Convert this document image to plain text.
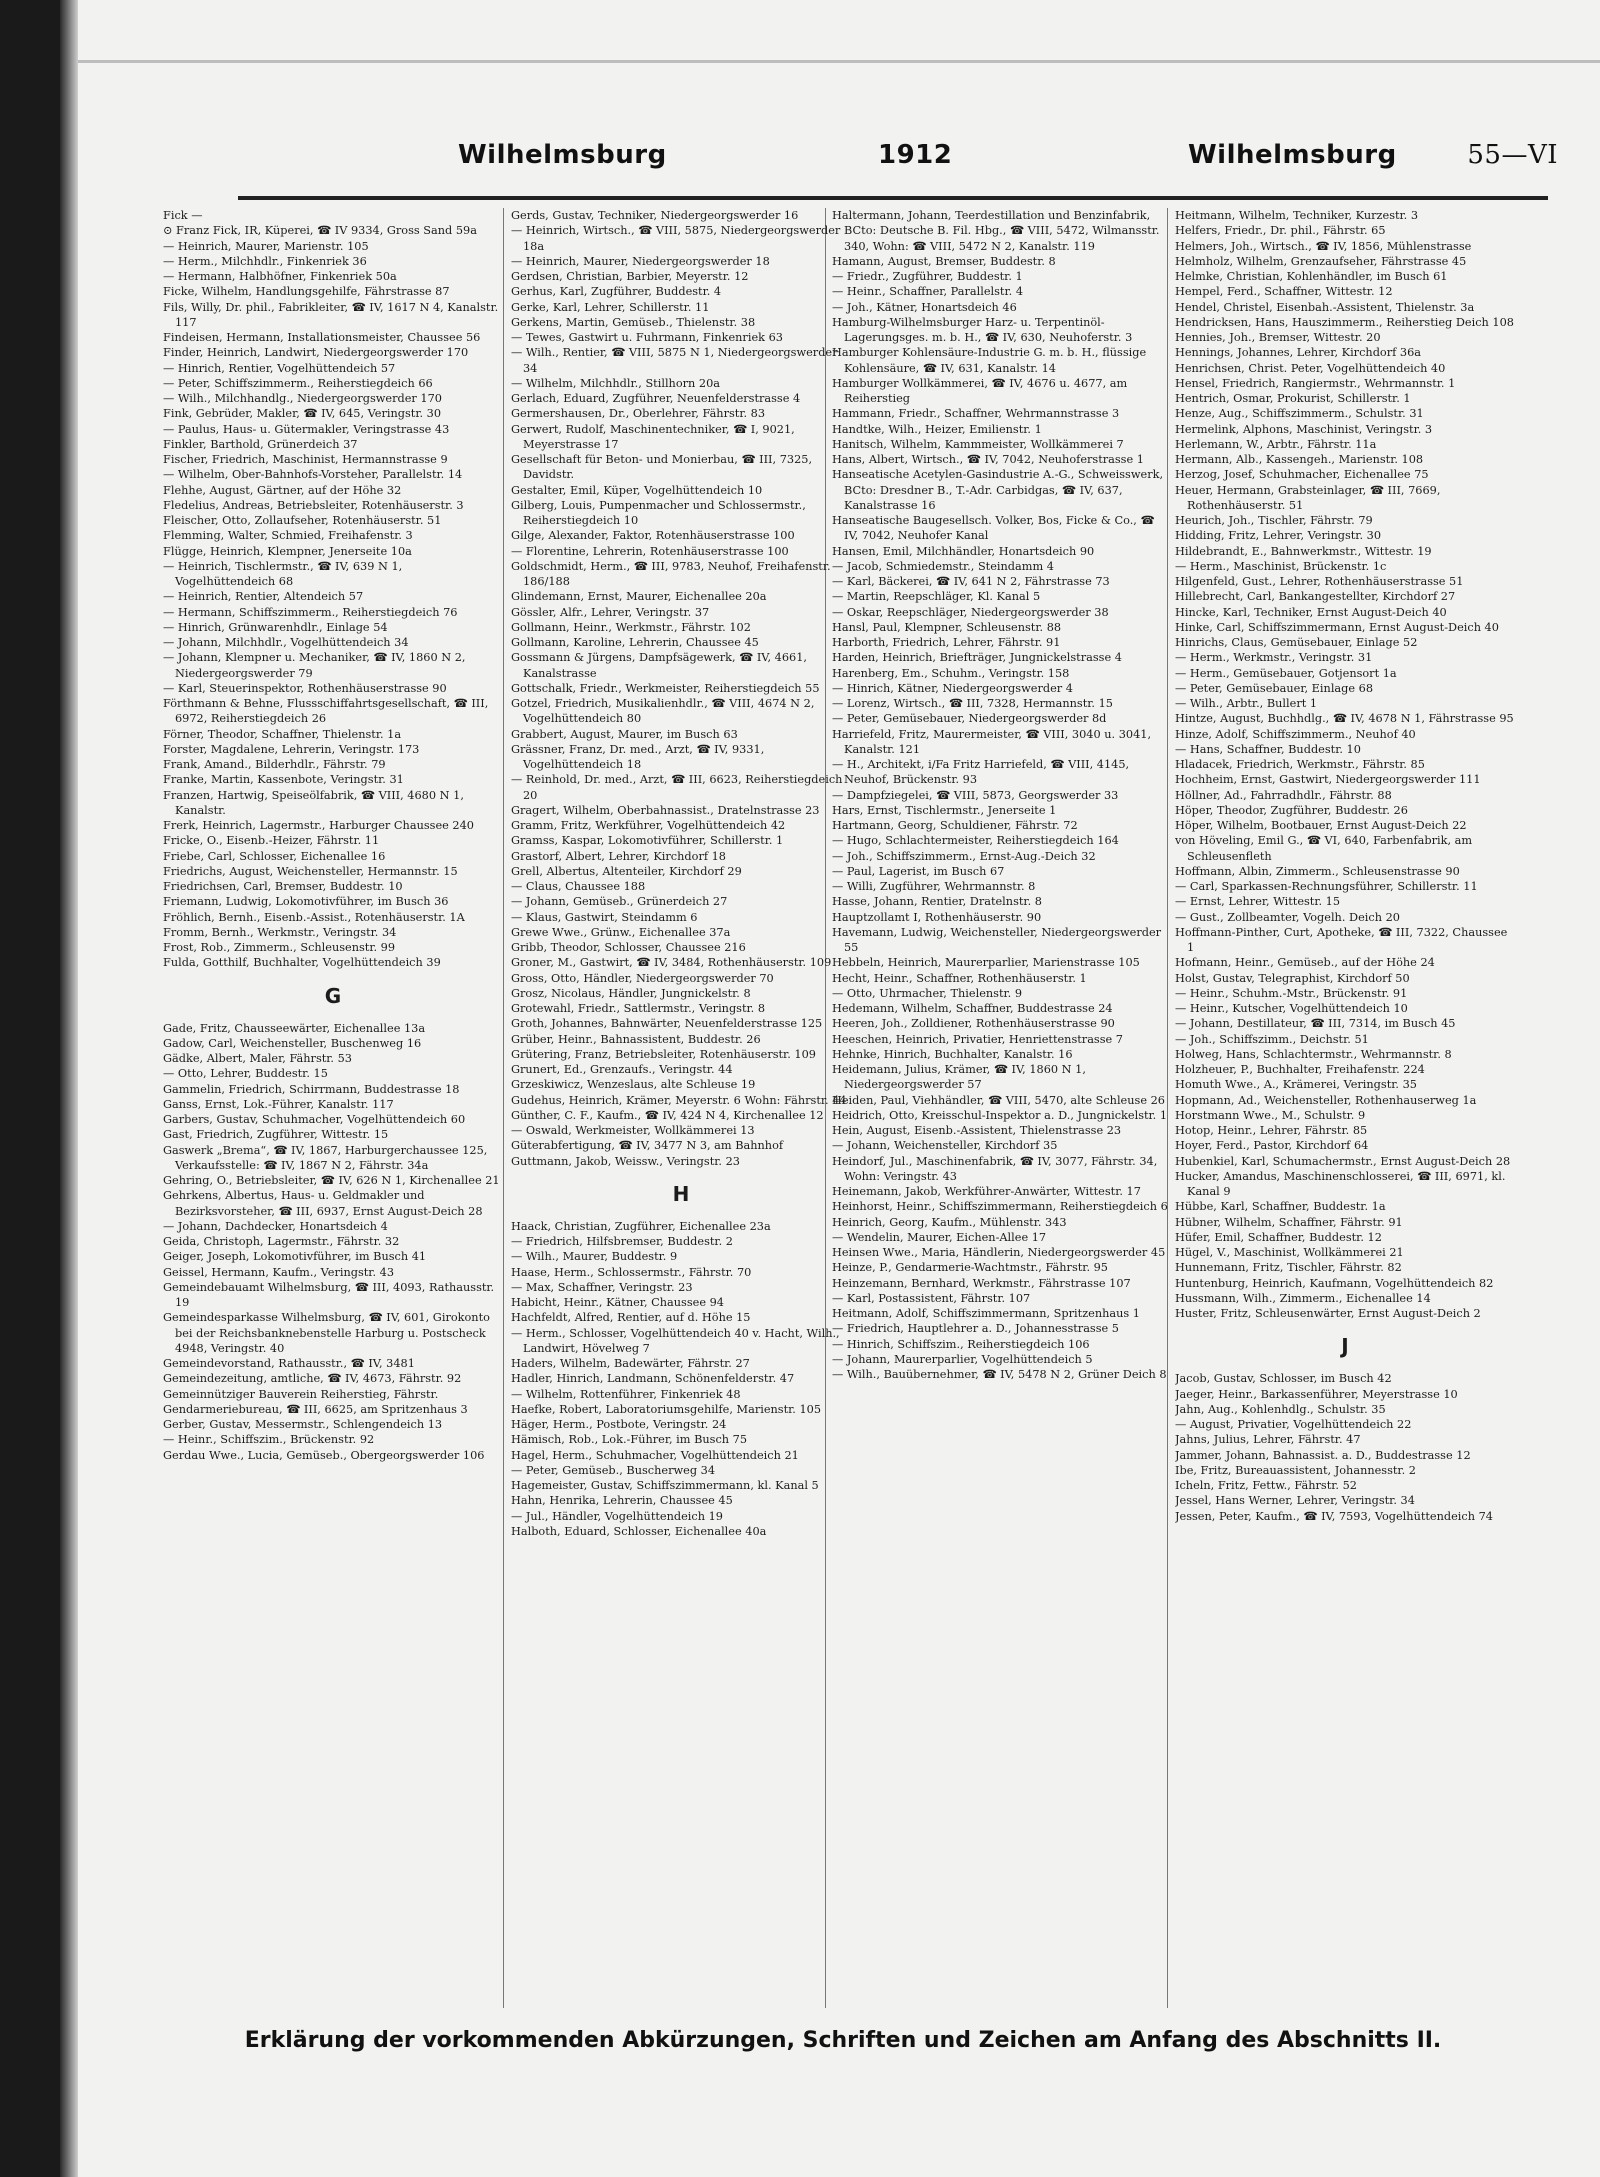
Wilhelmsburg	1912	Wilhelmsburg	55—VI
Fick —
⊙ Franz Fick, IR, Küperei, ☎ IV 9334, Gross Sand 59a
— Heinrich, Maurer, Marienstr. 105
— Herm., Milchhdlr., Finkenriek 36
— Hermann, Halbhöfner, Finkenriek 50a
Ficke, Wilhelm, Handlungsgehilfe, Fährstrasse 87
Fils, Willy, Dr. phil., Fabrikleiter, ☎ IV, 1617 N 4, Kanalstr. 117
Findeisen, Hermann, Installationsmeister, Chaussee 56
Finder, Heinrich, Landwirt, Niedergeorgswerder 170
— Hinrich, Rentier, Vogelhüttendeich 57
— Peter, Schiffszimmerm., Reiherstiegdeich 66
— Wilh., Milchhandlg., Niedergeorgswerder 170
Fink, Gebrüder, Makler, ☎ IV, 645, Veringstr. 30
— Paulus, Haus- u. Gütermakler, Veringstrasse 43
Finkler, Barthold, Grünerdeich 37
Fischer, Friedrich, Maschinist, Hermannstrasse 9
— Wilhelm, Ober-Bahnhofs-Vorsteher, Parallelstr. 14
Flehhe, August, Gärtner, auf der Höhe 32
Fledelius, Andreas, Betriebsleiter, Rotenhäuserstr. 3
Fleischer, Otto, Zollaufseher, Rotenhäuserstr. 51
Flemming, Walter, Schmied, Freihafenstr. 3
Flügge, Heinrich, Klempner, Jenerseite 10a
— Heinrich, Tischlermstr., ☎ IV, 639 N 1, Vogelhüttendeich 68
— Heinrich, Rentier, Altendeich 57
— Hermann, Schiffszimmerm., Reiherstiegdeich 76
— Hinrich, Grünwarenhdlr., Einlage 54
— Johann, Milchhdlr., Vogelhüttendeich 34
— Johann, Klempner u. Mechaniker, ☎ IV, 1860 N 2, Niedergeorgswerder 79
— Karl, Steuerinspektor, Rothenhäuserstrasse 90
Förthmann & Behne, Flussschiffahrtsgesellschaft, ☎ III, 6972, Reiherstiegdeich 26
Förner, Theodor, Schaffner, Thielenstr. 1a
Forster, Magdalene, Lehrerin, Veringstr. 173
Frank, Amand., Bilderhdlr., Fährstr. 79
Franke, Martin, Kassenbote, Veringstr. 31
Franzen, Hartwig, Speiseölfabrik, ☎ VIII, 4680 N 1, Kanalstr.
Frerk, Heinrich, Lagermstr., Harburger Chaussee 240
Fricke, O., Eisenb.-Heizer, Fährstr. 11
Friebe, Carl, Schlosser, Eichenallee 16
Friedrichs, August, Weichensteller, Hermannstr. 15
Friedrichsen, Carl, Bremser, Buddestr. 10
Friemann, Ludwig, Lokomotivführer, im Busch 36
Fröhlich, Bernh., Eisenb.-Assist., Rotenhäuserstr. 1A
Fromm, Bernh., Werkmstr., Veringstr. 34
Frost, Rob., Zimmerm., Schleusenstr. 99
Fulda, Gotthilf, Buchhalter, Vogelhüttendeich 39
G
Gade, Fritz, Chausseewärter, Eichenallee 13a
Gadow, Carl, Weichensteller, Buschenweg 16
Gädke, Albert, Maler, Fährstr. 53
— Otto, Lehrer, Buddestr. 15
Gammelin, Friedrich, Schirrmann, Buddestrasse 18
Ganss, Ernst, Lok.-Führer, Kanalstr. 117
Garbers, Gustav, Schuhmacher, Vogelhüttendeich 60
Gast, Friedrich, Zugführer, Wittestr. 15
Gaswerk „Brema“, ☎ IV, 1867, Harburgerchaussee 125, Verkaufsstelle: ☎ IV, 1867 N 2, Fährstr. 34a
Gehring, O., Betriebsleiter, ☎ IV, 626 N 1, Kirchenallee 21
Gehrkens, Albertus, Haus- u. Geldmakler und Bezirksvorsteher, ☎ III, 6937, Ernst August-Deich 28
— Johann, Dachdecker, Honartsdeich 4
Geida, Christoph, Lagermstr., Fährstr. 32
Geiger, Joseph, Lokomotivführer, im Busch 41
Geissel, Hermann, Kaufm., Veringstr. 43
Gemeindebauamt Wilhelmsburg, ☎ III, 4093, Rathausstr. 19
Gemeindesparkasse Wilhelmsburg, ☎ IV, 601, Girokonto bei der Reichsbanknebenstelle Harburg u. Postscheck 4948, Veringstr. 40
Gemeindevorstand, Rathausstr., ☎ IV, 3481
Gemeindezeitung, amtliche, ☎ IV, 4673, Fährstr. 92
Gemeinnütziger Bauverein Reiherstieg, Fährstr.
Gendarmeriebureau, ☎ III, 6625, am Spritzenhaus 3
Gerber, Gustav, Messermstr., Schlengendeich 13
— Heinr., Schiffszim., Brückenstr. 92
Gerdau Wwe., Lucia, Gemüseb., Obergeorgswerder 106
Gerds, Gustav, Techniker, Niedergeorgswerder 16
— Heinrich, Wirtsch., ☎ VIII, 5875, Niedergeorgswerder 18a
— Heinrich, Maurer, Niedergeorgswerder 18
Gerdsen, Christian, Barbier, Meyerstr. 12
Gerhus, Karl, Zugführer, Buddestr. 4
Gerke, Karl, Lehrer, Schillerstr. 11
Gerkens, Martin, Gemüseb., Thielenstr. 38
— Tewes, Gastwirt u. Fuhrmann, Finkenriek 63
— Wilh., Rentier, ☎ VIII, 5875 N 1, Niedergeorgswerder 34
— Wilhelm, Milchhdlr., Stillhorn 20a
Gerlach, Eduard, Zugführer, Neuenfelderstrasse 4
Germershausen, Dr., Oberlehrer, Fährstr. 83
Gerwert, Rudolf, Maschinentechniker, ☎ I, 9021, Meyerstrasse 17
Gesellschaft für Beton- und Monierbau, ☎ III, 7325, Davidstr.
Gestalter, Emil, Küper, Vogelhüttendeich 10
Gilberg, Louis, Pumpenmacher und Schlossermstr., Reiherstiegdeich 10
Gilge, Alexander, Faktor, Rotenhäuserstrasse 100
— Florentine, Lehrerin, Rotenhäuserstrasse 100
Goldschmidt, Herm., ☎ III, 9783, Neuhof, Freihafenstr. 186/188
Glindemann, Ernst, Maurer, Eichenallee 20a
Gössler, Alfr., Lehrer, Veringstr. 37
Gollmann, Heinr., Werkmstr., Fährstr. 102
Gollmann, Karoline, Lehrerin, Chaussee 45
Gossmann & Jürgens, Dampfsägewerk, ☎ IV, 4661, Kanalstrasse
Gottschalk, Friedr., Werkmeister, Reiherstiegdeich 55
Gotzel, Friedrich, Musikalienhdlr., ☎ VIII, 4674 N 2, Vogelhüttendeich 80
Grabbert, August, Maurer, im Busch 63
Grässner, Franz, Dr. med., Arzt, ☎ IV, 9331, Vogelhüttendeich 18
— Reinhold, Dr. med., Arzt, ☎ III, 6623, Reiherstiegdeich 20
Gragert, Wilhelm, Oberbahnassist., Dratelnstrasse 23
Gramm, Fritz, Werkführer, Vogelhüttendeich 42
Gramss, Kaspar, Lokomotivführer, Schillerstr. 1
Grastorf, Albert, Lehrer, Kirchdorf 18
Grell, Albertus, Altenteiler, Kirchdorf 29
— Claus, Chaussee 188
— Johann, Gemüseb., Grünerdeich 27
— Klaus, Gastwirt, Steindamm 6
Grewe Wwe., Grünw., Eichenallee 37a
Gribb, Theodor, Schlosser, Chaussee 216
Groner, M., Gastwirt, ☎ IV, 3484, Rothenhäuserstr. 109
Gross, Otto, Händler, Niedergeorgswerder 70
Grosz, Nicolaus, Händler, Jungnickelstr. 8
Grotewahl, Friedr., Sattlermstr., Veringstr. 8
Groth, Johannes, Bahnwärter, Neuenfelderstrasse 125
Grüber, Heinr., Bahnassistent, Buddestr. 26
Grütering, Franz, Betriebsleiter, Rotenhäuserstr. 109
Grunert, Ed., Grenzaufs., Veringstr. 44
Grzeskiwicz, Wenzeslaus, alte Schleuse 19
Gudehus, Heinrich, Krämer, Meyerstr. 6 Wohn: Fährstr. 44
Günther, C. F., Kaufm., ☎ IV, 424 N 4, Kirchenallee 12
— Oswald, Werkmeister, Wollkämmerei 13
Güterabfertigung, ☎ IV, 3477 N 3, am Bahnhof
Guttmann, Jakob, Weissw., Veringstr. 23
H
Haack, Christian, Zugführer, Eichenallee 23a
— Friedrich, Hilfsbremser, Buddestr. 2
— Wilh., Maurer, Buddestr. 9
Haase, Herm., Schlossermstr., Fährstr. 70
— Max, Schaffner, Veringstr. 23
Habicht, Heinr., Kätner, Chaussee 94
Hachfeldt, Alfred, Rentier, auf d. Höhe 15
— Herm., Schlosser, Vogelhüttendeich 40 v. Hacht, Wilh., Landwirt, Hövelweg 7
Haders, Wilhelm, Badewärter, Fährstr. 27
Hadler, Hinrich, Landmann, Schönenfelderstr. 47
— Wilhelm, Rottenführer, Finkenriek 48
Haefke, Robert, Laboratoriumsgehilfe, Marienstr. 105
Häger, Herm., Postbote, Veringstr. 24
Hämisch, Rob., Lok.-Führer, im Busch 75
Hagel, Herm., Schuhmacher, Vogelhüttendeich 21
— Peter, Gemüseb., Buscherweg 34
Hagemeister, Gustav, Schiffszimmermann, kl. Kanal 5
Hahn, Henrika, Lehrerin, Chaussee 45
— Jul., Händler, Vogelhüttendeich 19
Halboth, Eduard, Schlosser, Eichenallee 40a
Haltermann, Johann, Teerdestillation und Benzinfabrik, BCto: Deutsche B. Fil. Hbg., ☎ VIII, 5472, Wilmansstr. 340, Wohn: ☎ VIII, 5472 N 2, Kanalstr. 119
Hamann, August, Bremser, Buddestr. 8
— Friedr., Zugführer, Buddestr. 1
— Heinr., Schaffner, Parallelstr. 4
— Joh., Kätner, Honartsdeich 46
Hamburg-Wilhelmsburger Harz- u. Terpentinöl-Lagerungsges. m. b. H., ☎ IV, 630, Neuhoferstr. 3
Hamburger Kohlensäure-Industrie G. m. b. H., flüssige Kohlensäure, ☎ IV, 631, Kanalstr. 14
Hamburger Wollkämmerei, ☎ IV, 4676 u. 4677, am Reiherstieg
Hammann, Friedr., Schaffner, Wehrmannstrasse 3
Handtke, Wilh., Heizer, Emilienstr. 1
Hanitsch, Wilhelm, Kammmeister, Wollkämmerei 7
Hans, Albert, Wirtsch., ☎ IV, 7042, Neuhoferstrasse 1
Hanseatische Acetylen-Gasindustrie A.-G., Schweisswerk, BCto: Dresdner B., T.-Adr. Carbidgas, ☎ IV, 637, Kanalstrasse 16
Hanseatische Baugesellsch. Volker, Bos, Ficke & Co., ☎ IV, 7042, Neuhofer Kanal
Hansen, Emil, Milchhändler, Honartsdeich 90
— Jacob, Schmiedemstr., Steindamm 4
— Karl, Bäckerei, ☎ IV, 641 N 2, Fährstrasse 73
— Martin, Reepschläger, Kl. Kanal 5
— Oskar, Reepschläger, Niedergeorgswerder 38
Hansl, Paul, Klempner, Schleusenstr. 88
Harborth, Friedrich, Lehrer, Fährstr. 91
Harden, Heinrich, Briefträger, Jungnickelstrasse 4
Harenberg, Em., Schuhm., Veringstr. 158
— Hinrich, Kätner, Niedergeorgswerder 4
— Lorenz, Wirtsch., ☎ III, 7328, Hermannstr. 15
— Peter, Gemüsebauer, Niedergeorgswerder 8d
Harriefeld, Fritz, Maurermeister, ☎ VIII, 3040 u. 3041, Kanalstr. 121
— H., Architekt, i/Fa Fritz Harriefeld, ☎ VIII, 4145, Neuhof, Brückenstr. 93
— Dampfziegelei, ☎ VIII, 5873, Georgswerder 33
Hars, Ernst, Tischlermstr., Jenerseite 1
Hartmann, Georg, Schuldiener, Fährstr. 72
— Hugo, Schlachtermeister, Reiherstiegdeich 164
— Joh., Schiffszimmerm., Ernst-Aug.-Deich 32
— Paul, Lagerist, im Busch 67
— Willi, Zugführer, Wehrmannstr. 8
Hasse, Johann, Rentier, Dratelnstr. 8
Hauptzollamt I, Rothenhäuserstr. 90
Havemann, Ludwig, Weichensteller, Niedergeorgswerder 55
Hebbeln, Heinrich, Maurerparlier, Marienstrasse 105
Hecht, Heinr., Schaffner, Rothenhäuserstr. 1
— Otto, Uhrmacher, Thielenstr. 9
Hedemann, Wilhelm, Schaffner, Buddestrasse 24
Heeren, Joh., Zolldiener, Rothenhäuserstrasse 90
Heeschen, Heinrich, Privatier, Henriettenstrasse 7
Hehnke, Hinrich, Buchhalter, Kanalstr. 16
Heidemann, Julius, Krämer, ☎ IV, 1860 N 1, Niedergeorgswerder 57
Heiden, Paul, Viehhändler, ☎ VIII, 5470, alte Schleuse 26
Heidrich, Otto, Kreisschul-Inspektor a. D., Jungnickelstr. 1
Hein, August, Eisenb.-Assistent, Thielenstrasse 23
— Johann, Weichensteller, Kirchdorf 35
Heindorf, Jul., Maschinenfabrik, ☎ IV, 3077, Fährstr. 34, Wohn: Veringstr. 43
Heinemann, Jakob, Werkführer-Anwärter, Wittestr. 17
Heinhorst, Heinr., Schiffszimmermann, Reiherstiegdeich 6
Heinrich, Georg, Kaufm., Mühlenstr. 343
— Wendelin, Maurer, Eichen-Allee 17
Heinsen Wwe., Maria, Händlerin, Niedergeorgswerder 45
Heinze, P., Gendarmerie-Wachtmstr., Fährstr. 95
Heinzemann, Bernhard, Werkmstr., Fährstrasse 107
— Karl, Postassistent, Fährstr. 107
Heitmann, Adolf, Schiffszimmermann, Spritzenhaus 1
— Friedrich, Hauptlehrer a. D., Johannesstrasse 5
— Hinrich, Schiffszim., Reiherstiegdeich 106
— Johann, Maurerparlier, Vogelhüttendeich 5
— Wilh., Bauübernehmer, ☎ IV, 5478 N 2, Grüner Deich 8
Heitmann, Wilhelm, Techniker, Kurzestr. 3
Helfers, Friedr., Dr. phil., Fährstr. 65
Helmers, Joh., Wirtsch., ☎ IV, 1856, Mühlenstrasse
Helmholz, Wilhelm, Grenzaufseher, Fährstrasse 45
Helmke, Christian, Kohlenhändler, im Busch 61
Hempel, Ferd., Schaffner, Wittestr. 12
Hendel, Christel, Eisenbah.-Assistent, Thielenstr. 3a
Hendricksen, Hans, Hauszimmerm., Reiherstieg Deich 108
Hennies, Joh., Bremser, Wittestr. 20
Hennings, Johannes, Lehrer, Kirchdorf 36a
Henrichsen, Christ. Peter, Vogelhüttendeich 40
Hensel, Friedrich, Rangiermstr., Wehrmannstr. 1
Hentrich, Osmar, Prokurist, Schillerstr. 1
Henze, Aug., Schiffszimmerm., Schulstr. 31
Hermelink, Alphons, Maschinist, Veringstr. 3
Herlemann, W., Arbtr., Fährstr. 11a
Hermann, Alb., Kassengeh., Marienstr. 108
Herzog, Josef, Schuhmacher, Eichenallee 75
Heuer, Hermann, Grabsteinlager, ☎ III, 7669, Rothenhäuserstr. 51
Heurich, Joh., Tischler, Fährstr. 79
Hidding, Fritz, Lehrer, Veringstr. 30
Hildebrandt, E., Bahnwerkmstr., Wittestr. 19
— Herm., Maschinist, Brückenstr. 1c
Hilgenfeld, Gust., Lehrer, Rothenhäuserstrasse 51
Hillebrecht, Carl, Bankangestellter, Kirchdorf 27
Hincke, Karl, Techniker, Ernst August-Deich 40
Hinke, Carl, Schiffszimmermann, Ernst August-Deich 40
Hinrichs, Claus, Gemüsebauer, Einlage 52
— Herm., Werkmstr., Veringstr. 31
— Herm., Gemüsebauer, Gotjensort 1a
— Peter, Gemüsebauer, Einlage 68
— Wilh., Arbtr., Bullert 1
Hintze, August, Buchhdlg., ☎ IV, 4678 N 1, Fährstrasse 95
Hinze, Adolf, Schiffszimmerm., Neuhof 40
— Hans, Schaffner, Buddestr. 10
Hladacek, Friedrich, Werkmstr., Fährstr. 85
Hochheim, Ernst, Gastwirt, Niedergeorgswerder 111
Höllner, Ad., Fahrradhdlr., Fährstr. 88
Höper, Theodor, Zugführer, Buddestr. 26
Höper, Wilhelm, Bootbauer, Ernst August-Deich 22
von Höveling, Emil G., ☎ VI, 640, Farbenfabrik, am Schleusenfleth
Hoffmann, Albin, Zimmerm., Schleusenstrasse 90
— Carl, Sparkassen-Rechnungsführer, Schillerstr. 11
— Ernst, Lehrer, Wittestr. 15
— Gust., Zollbeamter, Vogelh. Deich 20
Hoffmann-Pinther, Curt, Apotheke, ☎ III, 7322, Chaussee 1
Hofmann, Heinr., Gemüseb., auf der Höhe 24
Holst, Gustav, Telegraphist, Kirchdorf 50
— Heinr., Schuhm.-Mstr., Brückenstr. 91
— Heinr., Kutscher, Vogelhüttendeich 10
— Johann, Destillateur, ☎ III, 7314, im Busch 45
— Joh., Schiffszimm., Deichstr. 51
Holweg, Hans, Schlachtermstr., Wehrmannstr. 8
Holzheuer, P., Buchhalter, Freihafenstr. 224
Homuth Wwe., A., Krämerei, Veringstr. 35
Hopmann, Ad., Weichensteller, Rothenhauserweg 1a
Horstmann Wwe., M., Schulstr. 9
Hotop, Heinr., Lehrer, Fährstr. 85
Hoyer, Ferd., Pastor, Kirchdorf 64
Hubenkiel, Karl, Schumachermstr., Ernst August-Deich 28
Hucker, Amandus, Maschinenschlosserei, ☎ III, 6971, kl. Kanal 9
Hübbe, Karl, Schaffner, Buddestr. 1a
Hübner, Wilhelm, Schaffner, Fährstr. 91
Hüfer, Emil, Schaffner, Buddestr. 12
Hügel, V., Maschinist, Wollkämmerei 21
Hunnemann, Fritz, Tischler, Fährstr. 82
Huntenburg, Heinrich, Kaufmann, Vogelhüttendeich 82
Hussmann, Wilh., Zimmerm., Eichenallee 14
Huster, Fritz, Schleusenwärter, Ernst August-Deich 2
J
Jacob, Gustav, Schlosser, im Busch 42
Jaeger, Heinr., Barkassenführer, Meyerstrasse 10
Jahn, Aug., Kohlenhdlg., Schulstr. 35
— August, Privatier, Vogelhüttendeich 22
Jahns, Julius, Lehrer, Fährstr. 47
Jammer, Johann, Bahnassist. a. D., Buddestrasse 12
Ibe, Fritz, Bureauassistent, Johannesstr. 2
Icheln, Fritz, Fettw., Fährstr. 52
Jessel, Hans Werner, Lehrer, Veringstr. 34
Jessen, Peter, Kaufm., ☎ IV, 7593, Vogelhüttendeich 74
Erklärung der vorkommenden Abkürzungen, Schriften und Zeichen am Anfang des Abschnitts II.
